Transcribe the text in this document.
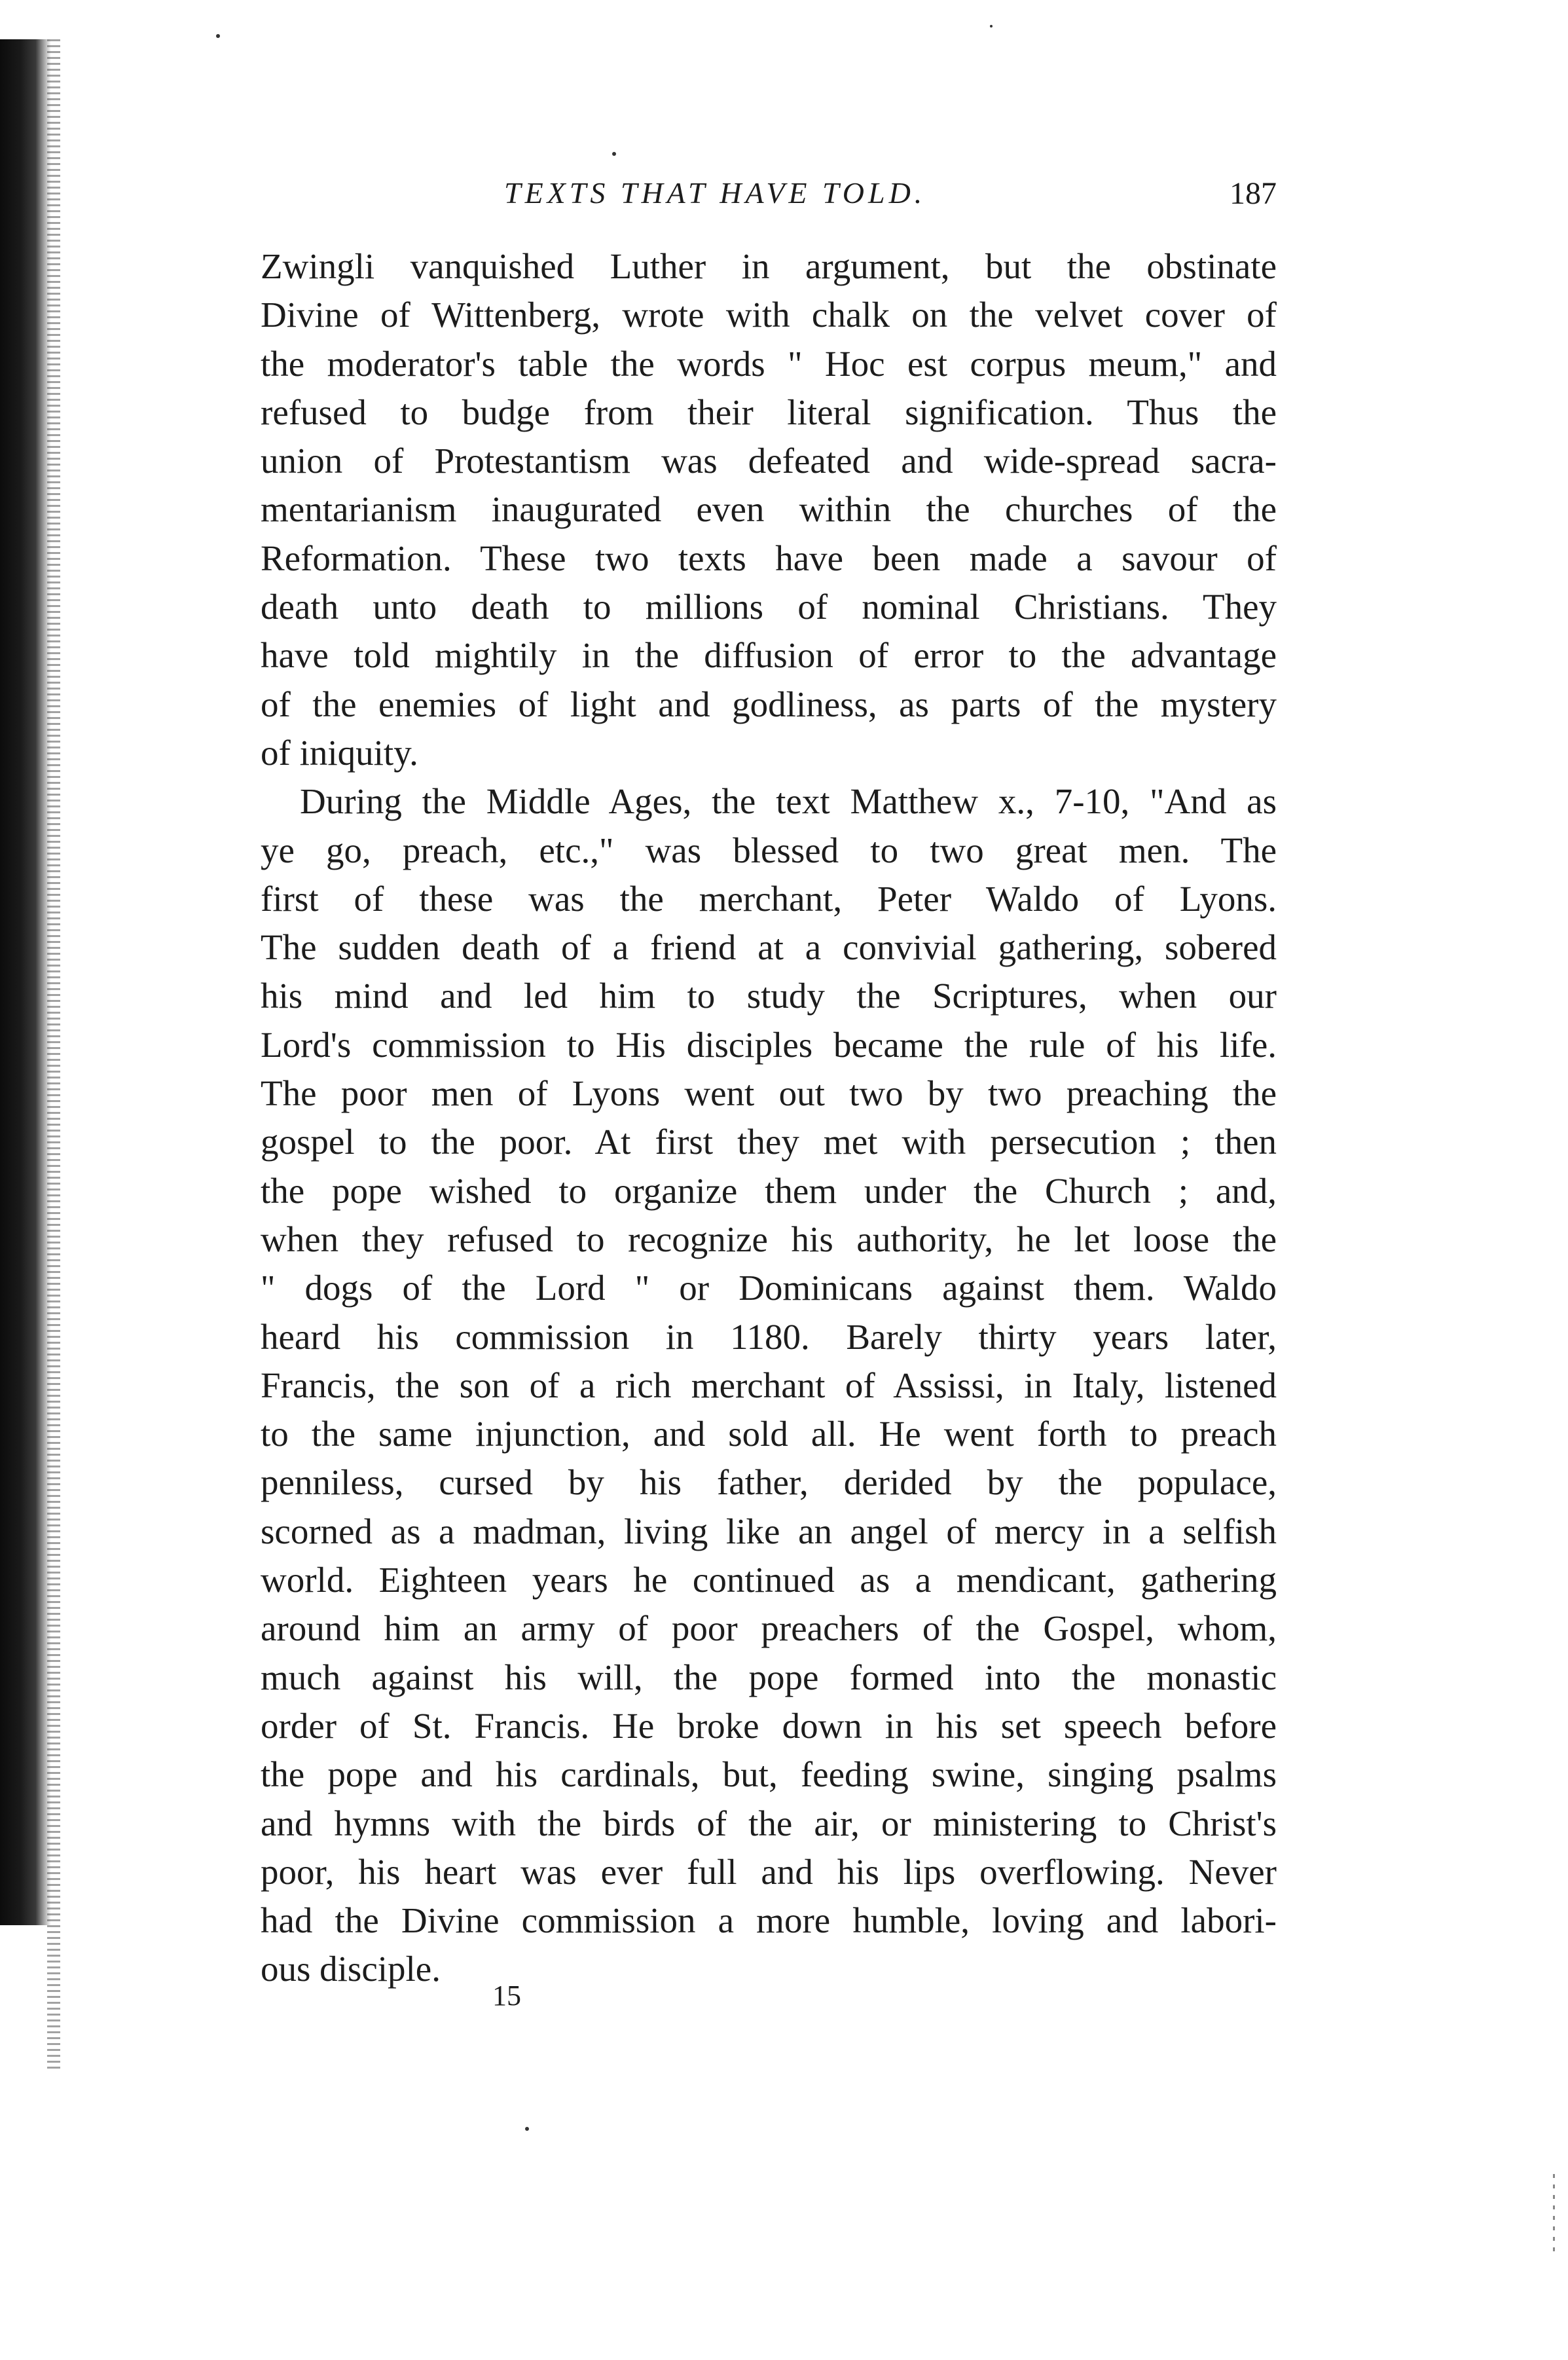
TEXTS THAT HAVE TOLD.	187
Zwingli vanquished Luther in argument, but the obstinate
Divine of Wittenberg, wrote with chalk on the velvet cover of
the moderator's table the words " Hoc est corpus meum," and
refused to budge from their literal signification. Thus the
union of Protestantism was defeated and wide-spread sacra-
mentarianism inaugurated even within the churches of the
Reformation. These two texts have been made a savour of
death unto death to millions of nominal Christians. They
have told mightily in the diffusion of error to the advantage
of the enemies of light and godliness, as parts of the mystery
of iniquity.
During the Middle Ages, the text Matthew x., 7-10, "And as
ye go, preach, etc.," was blessed to two great men. The
first of these was the merchant, Peter Waldo of Lyons.
The sudden death of a friend at a convivial gathering, sobered
his mind and led him to study the Scriptures, when our
Lord's commission to His disciples became the rule of his life.
The poor men of Lyons went out two by two preaching the
gospel to the poor. At first they met with persecution ; then
the pope wished to organize them under the Church ; and,
when they refused to recognize his authority, he let loose the
" dogs of the Lord " or Dominicans against them. Waldo
heard his commission in 1180. Barely thirty years later,
Francis, the son of a rich merchant of Assissi, in Italy, listened
to the same injunction, and sold all. He went forth to preach
penniless, cursed by his father, derided by the populace,
scorned as a madman, living like an angel of mercy in a selfish
world. Eighteen years he continued as a mendicant, gathering
around him an army of poor preachers of the Gospel, whom,
much against his will, the pope formed into the monastic
order of St. Francis. He broke down in his set speech before
the pope and his cardinals, but, feeding swine, singing psalms
and hymns with the birds of the air, or ministering to Christ's
poor, his heart was ever full and his lips overflowing. Never
had the Divine commission a more humble, loving and labori-
ous disciple.
15
